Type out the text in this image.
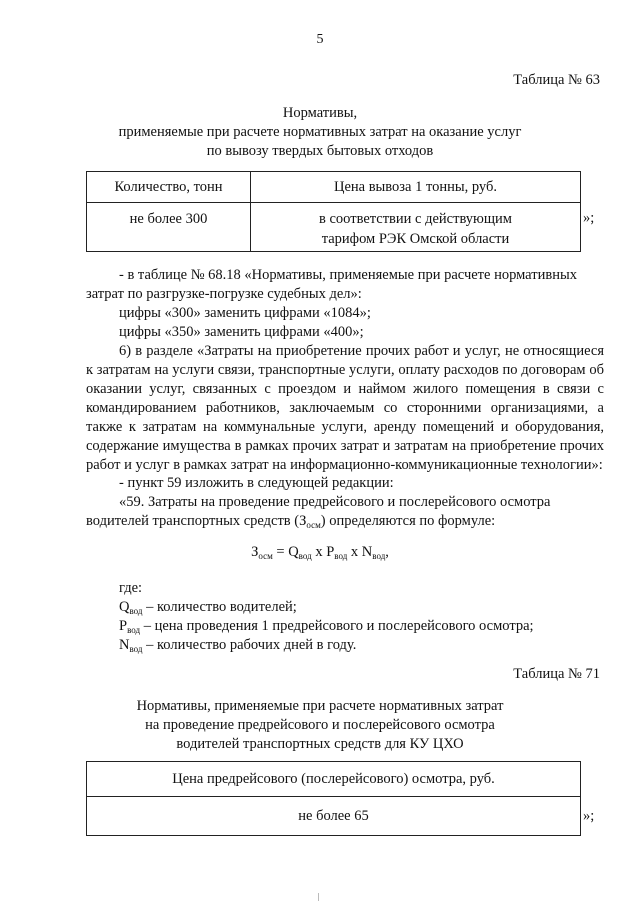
5
Таблица № 63
Нормативы,
применяемые при расчете нормативных затрат на оказание услуг
по вывозу твердых бытовых отходов
Количество, тонн	Цена вывоза 1 тонны, руб.
не более 300	в соответствии с действующим тарифом РЭК Омской области
»;
- в таблице № 68.18 «Нормативы, применяемые при расчете нормативных
затрат по разгрузке-погрузке судебных дел»:
цифры «300» заменить цифрами «1084»;
цифры «350» заменить цифрами «400»;
6) в разделе «Затраты на приобретение прочих работ и услуг, не относящиеся к затратам на услуги связи, транспортные услуги, оплату расходов по договорам об оказании услуг, связанных с проездом и наймом жилого помещения в связи с командированием работников, заключаемым со сторонними организациями, а также к затратам на коммунальные услуги, аренду помещений и оборудования, содержание имущества в рамках прочих затрат и затратам на приобретение прочих работ и услуг в рамках затрат на информационно-коммуникационные технологии»:
- пункт 59 изложить в следующей редакции:
«59. Затраты на проведение предрейсового и послерейсового осмотра
водителей транспортных средств $(З_{осм})$ определяются по формуле:
$З_{осм} = Q_{вод}$ x $Р_{вод}$ x $N_{вод}$,
где:
$Q_{вод}$ – количество водителей;
$Р_{вод}$ – цена проведения 1 предрейсового и послерейсового осмотра;
$N_{вод}$ – количество рабочих дней в году.
Таблица № 71
Нормативы, применяемые при расчете нормативных затрат
на проведение предрейсового и послерейсового осмотра
водителей транспортных средств для КУ ЦХО
Цена предрейсового (послерейсового) осмотра, руб.
не более 65	»;
